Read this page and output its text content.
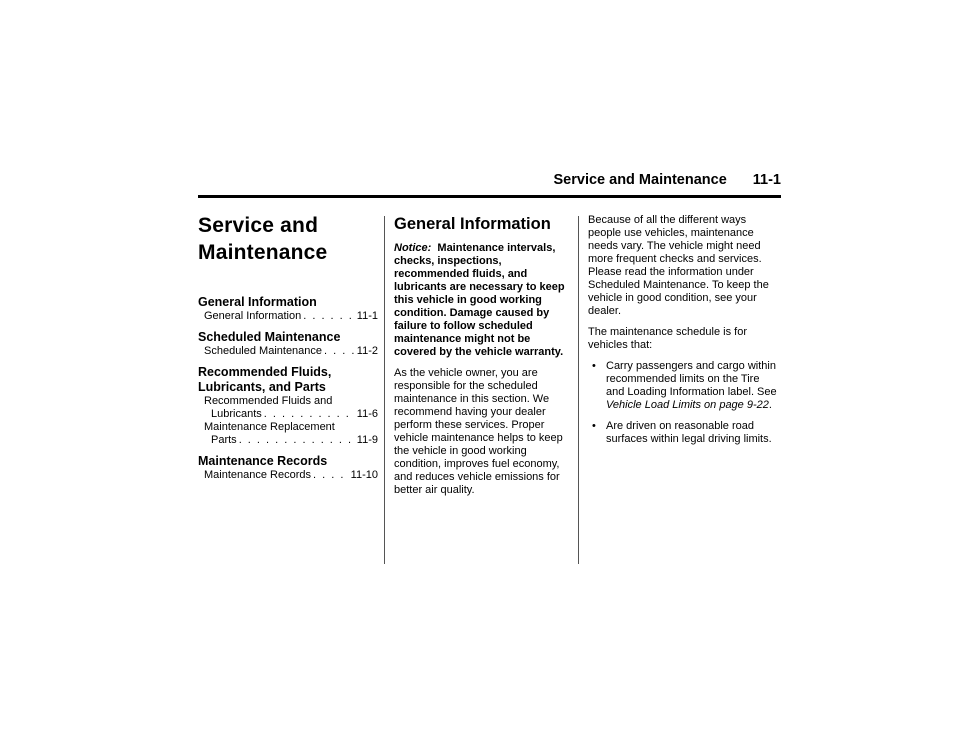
Service and Maintenance 11-1
Service and
Maintenance
General Information
General Information . . .	11-1
Scheduled Maintenance
Scheduled Maintenance . . .	11-2
Recommended Fluids,
Lubricants, and Parts
Recommended Fluids and
Lubricants . . .	11-6
Maintenance Replacement
Parts . . .	11-9
Maintenance Records
Maintenance Records . . .	11-10
General Information

Notice: Maintenance intervals, checks, inspections, recommended fluids, and lubricants are necessary to keep this vehicle in good working condition. Damage caused by failure to follow scheduled maintenance might not be covered by the vehicle warranty.

As the vehicle owner, you are responsible for the scheduled maintenance in this section. We recommend having your dealer perform these services. Proper vehicle maintenance helps to keep the vehicle in good working condition, improves fuel economy, and reduces vehicle emissions for better air quality.

Because of all the different ways people use vehicles, maintenance needs vary. The vehicle might need more frequent checks and services. Please read the information under Scheduled Maintenance. To keep the vehicle in good condition, see your dealer.

The maintenance schedule is for vehicles that:

• Carry passengers and cargo within recommended limits on the Tire and Loading Information label. See Vehicle Load Limits on page 9-22.
• Are driven on reasonable road surfaces within legal driving limits.
